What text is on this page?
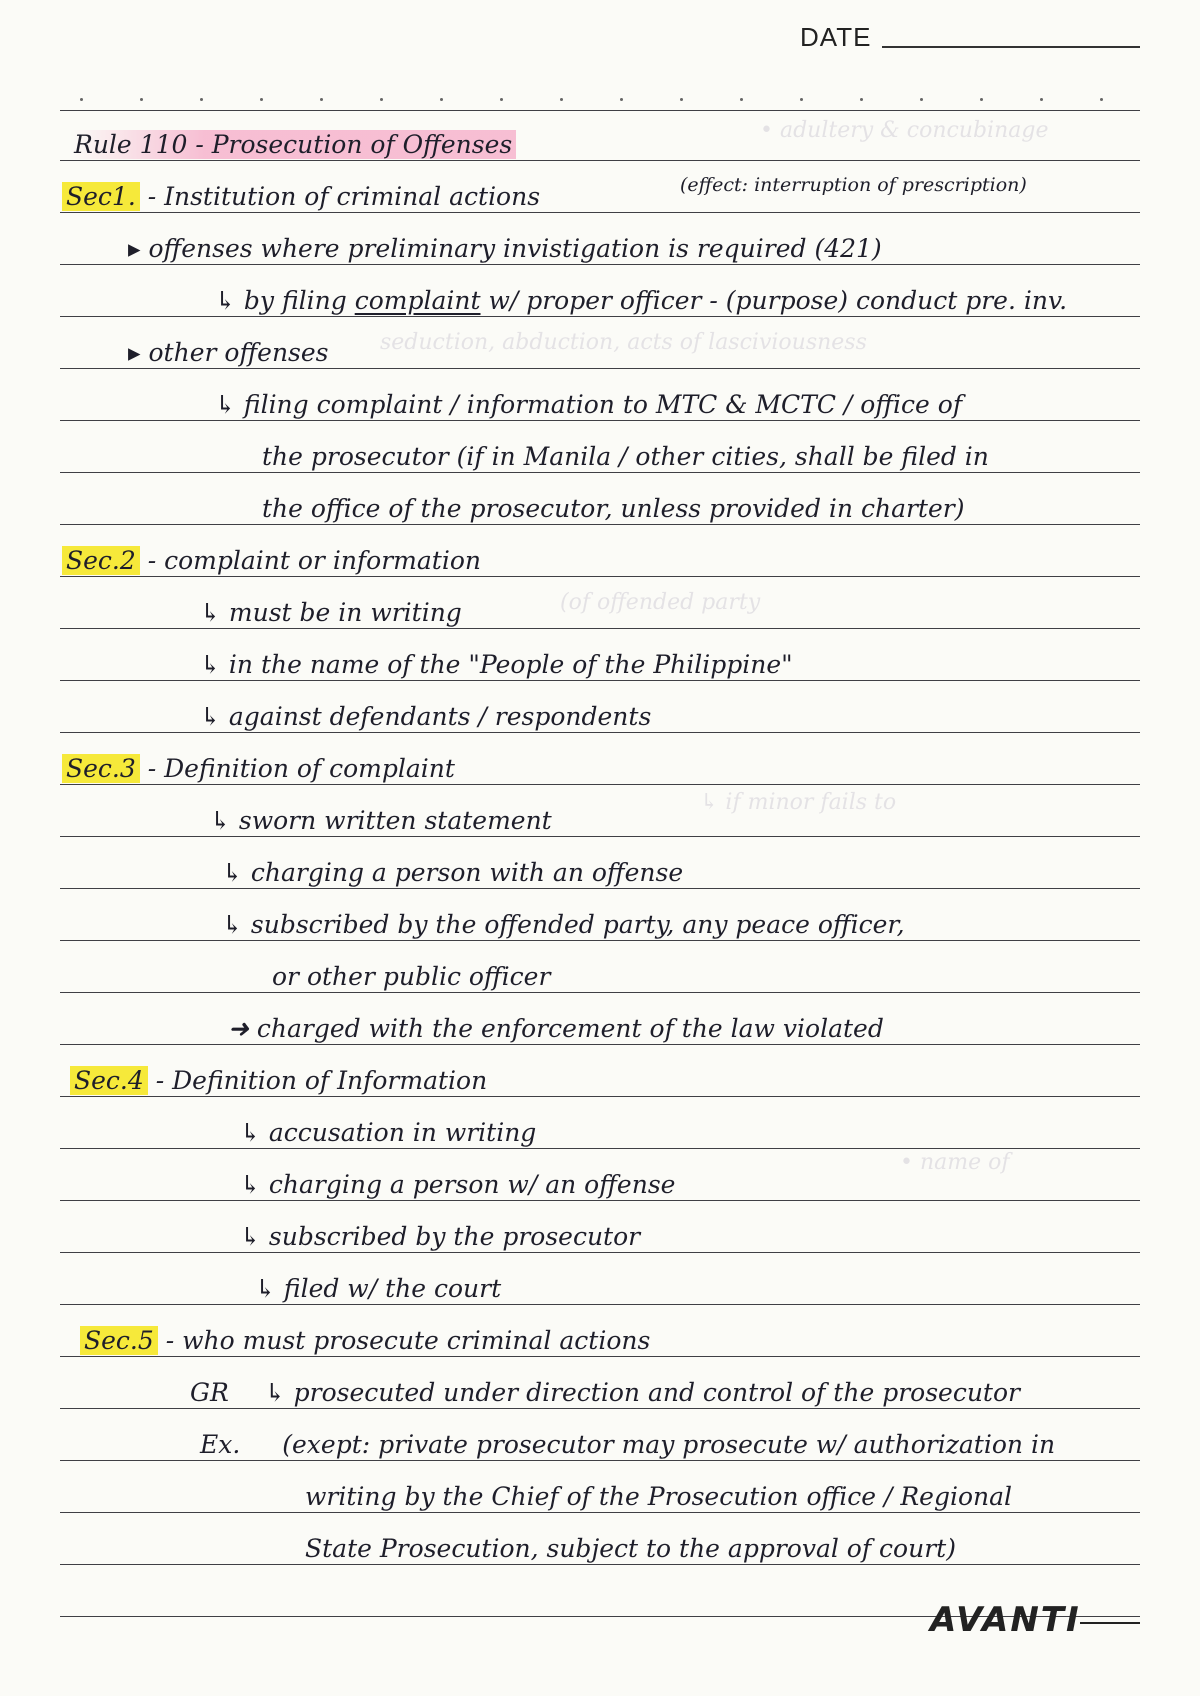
• adultery & concubinage
seduction, abduction, acts of lasciviousness
(of offended party
↳ if minor fails to
• name of
DATE
Rule 110 - Prosecution of Offenses
Sec1. - Institution of criminal actions	(effect: interruption of prescription)
▸ offenses where preliminary invistigation is required (421)
↳ by filing complaint w/ proper officer - (purpose) conduct pre. inv.
▸ other offenses
↳ filing complaint / information to MTC & MCTC / office of
the prosecutor (if in Manila / other cities, shall be filed in
the office of the prosecutor, unless provided in charter)
Sec.2 - complaint or information
↳ must be in writing
↳ in the name of the "People of the Philippine"
↳ against defendants / respondents
Sec.3 - Definition of complaint
↳ sworn written statement
↳ charging a person with an offense
↳ subscribed by the offended party, any peace officer,
or other public officer
➜ charged with the enforcement of the law violated
Sec.4 - Definition of Information
↳ accusation in writing
↳ charging a person w/ an offense
↳ subscribed by the prosecutor
↳ filed w/ the court
Sec.5 - who must prosecute criminal actions
GR ↳ prosecuted under direction and control of the prosecutor
Ex. (exept: private prosecutor may prosecute w/ authorization in
writing by the Chief of the Prosecution office / Regional
State Prosecution, subject to the approval of court)
AVANTI
